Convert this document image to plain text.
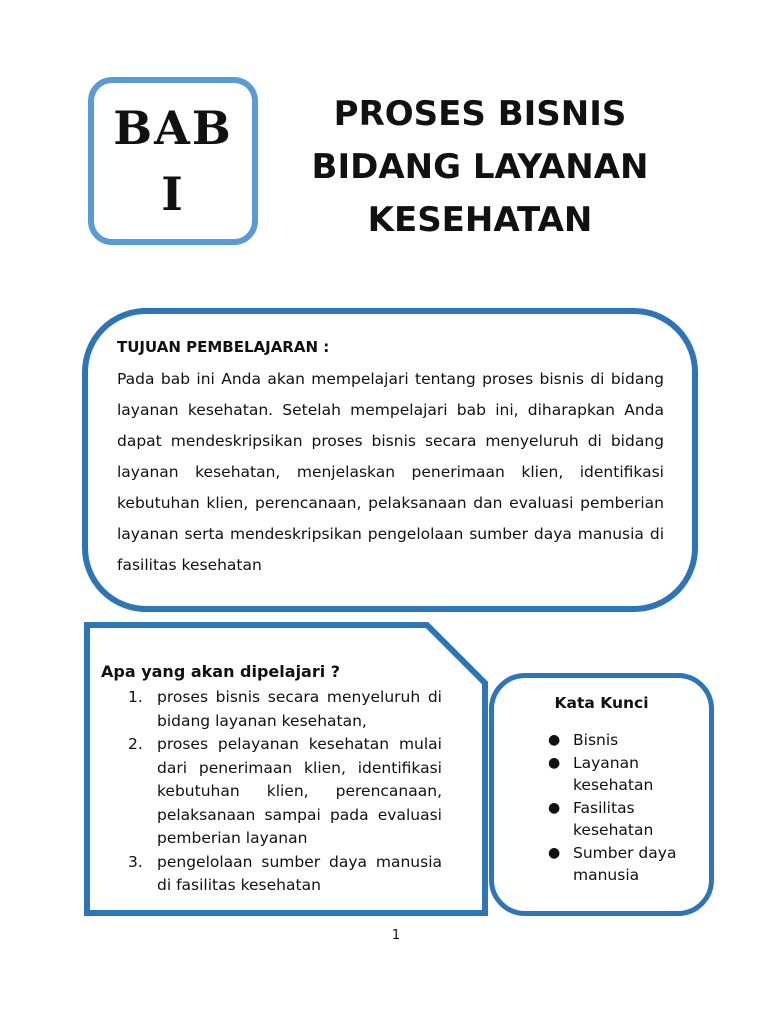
BAB
I
PROSES BISNIS
BIDANG LAYANAN
KESEHATAN
TUJUAN PEMBELAJARAN :
Pada bab ini Anda akan mempelajari tentang proses bisnis di bidang layanan kesehatan. Setelah mempelajari bab ini, diharapkan Anda dapat mendeskripsikan proses bisnis secara menyeluruh di bidang layanan kesehatan, menjelaskan penerimaan klien, identifikasi kebutuhan klien, perencanaan, pelaksanaan dan evaluasi pemberian layanan serta mendeskripsikan pengelolaan sumber daya manusia di fasilitas kesehatan
Apa yang akan dipelajari ?
1. proses bisnis secara menyeluruh di bidang layanan kesehatan,
2. proses pelayanan kesehatan mulai dari penerimaan klien, identifikasi kebutuhan klien, perencanaan, pelaksanaan sampai pada evaluasi pemberian layanan
3. pengelolaan sumber daya manusia di fasilitas kesehatan
Kata Kunci
● Bisnis
● Layanan kesehatan
● Fasilitas kesehatan
● Sumber daya manusia
1
